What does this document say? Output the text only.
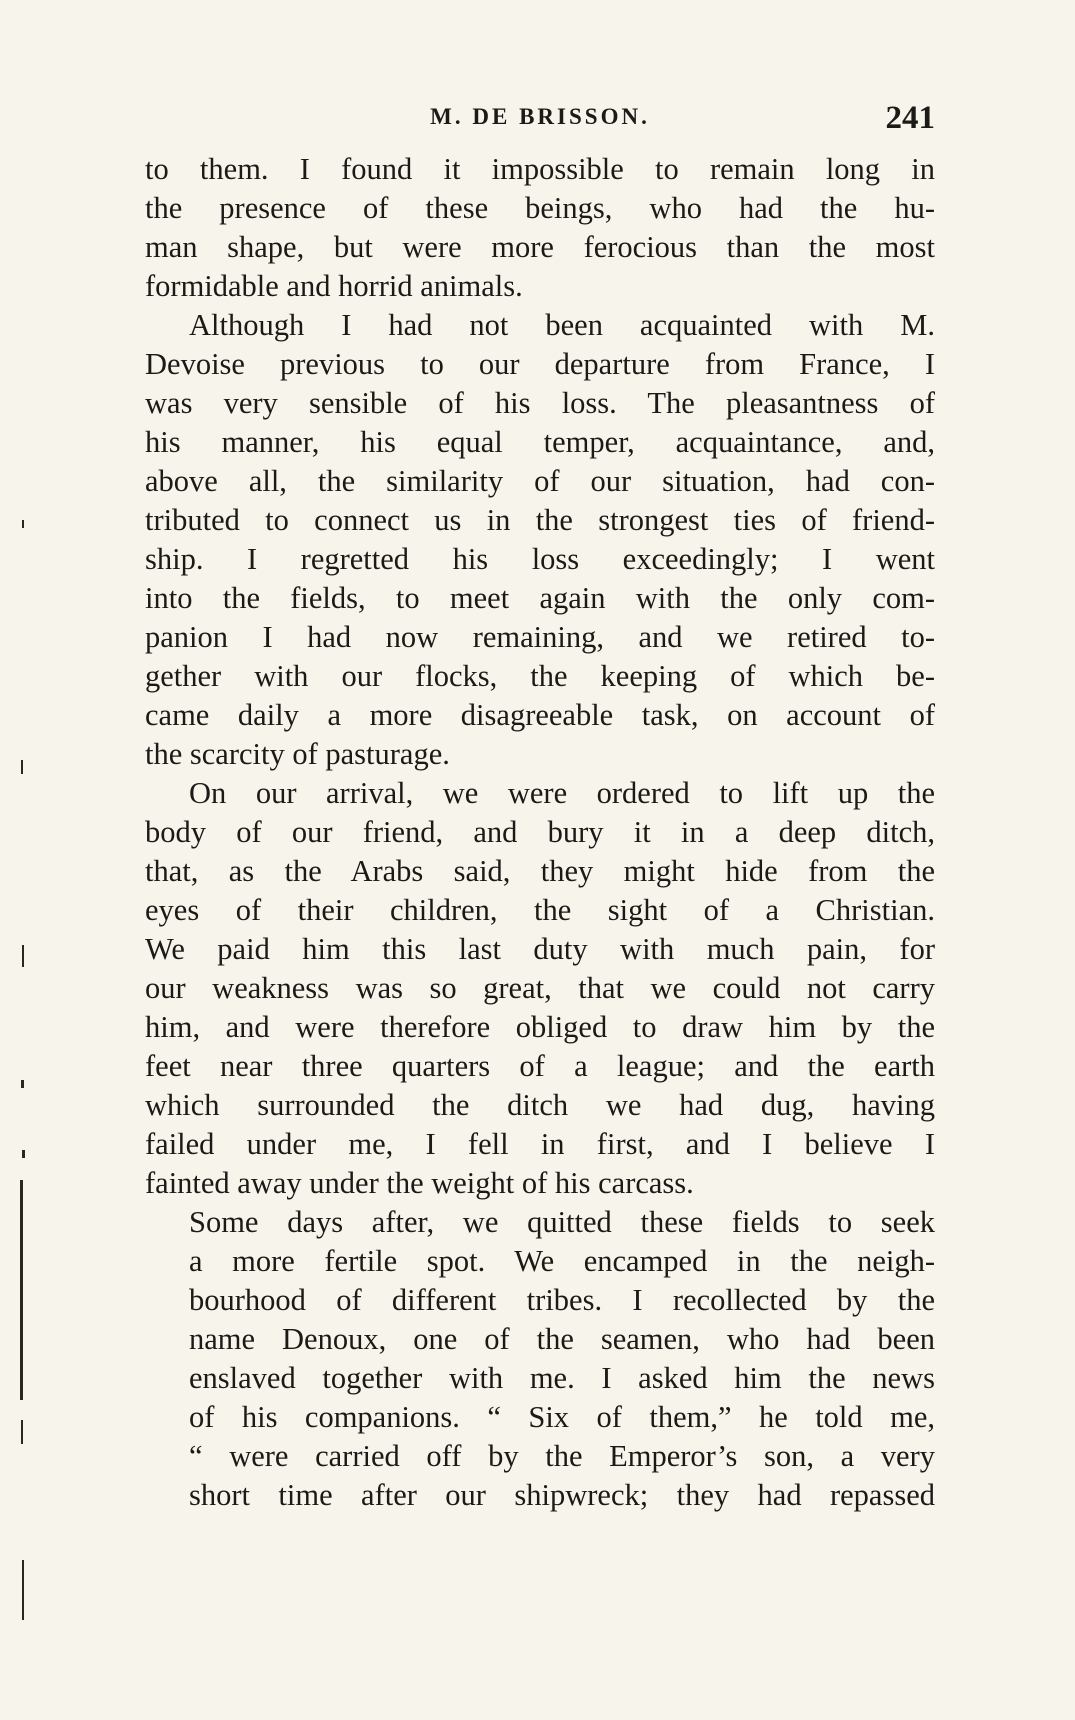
M. DE BRISSON.	241
to them. I found it impossible to remain long in
the presence of these beings, who had the hu-
man shape, but were more ferocious than the most
formidable and horrid animals.
Although I had not been acquainted with M.
Devoise previous to our departure from France, I
was very sensible of his loss. The pleasantness of
his manner, his equal temper, acquaintance, and,
above all, the similarity of our situation, had con-
tributed to connect us in the strongest ties of friend-
ship. I regretted his loss exceedingly; I went
into the fields, to meet again with the only com-
panion I had now remaining, and we retired to-
gether with our flocks, the keeping of which be-
came daily a more disagreeable task, on account of
the scarcity of pasturage.
On our arrival, we were ordered to lift up the
body of our friend, and bury it in a deep ditch,
that, as the Arabs said, they might hide from the
eyes of their children, the sight of a Christian.
We paid him this last duty with much pain, for
our weakness was so great, that we could not carry
him, and were therefore obliged to draw him by the
feet near three quarters of a league; and the earth
which surrounded the ditch we had dug, having
failed under me, I fell in first, and I believe I
fainted away under the weight of his carcass.
Some days after, we quitted these fields to seek
a more fertile spot. We encamped in the neigh-
bourhood of different tribes. I recollected by the
name Denoux, one of the seamen, who had been
enslaved together with me. I asked him the news
of his companions. “ Six of them,” he told me,
“ were carried off by the Emperor’s son, a very
short time after our shipwreck; they had repassed
